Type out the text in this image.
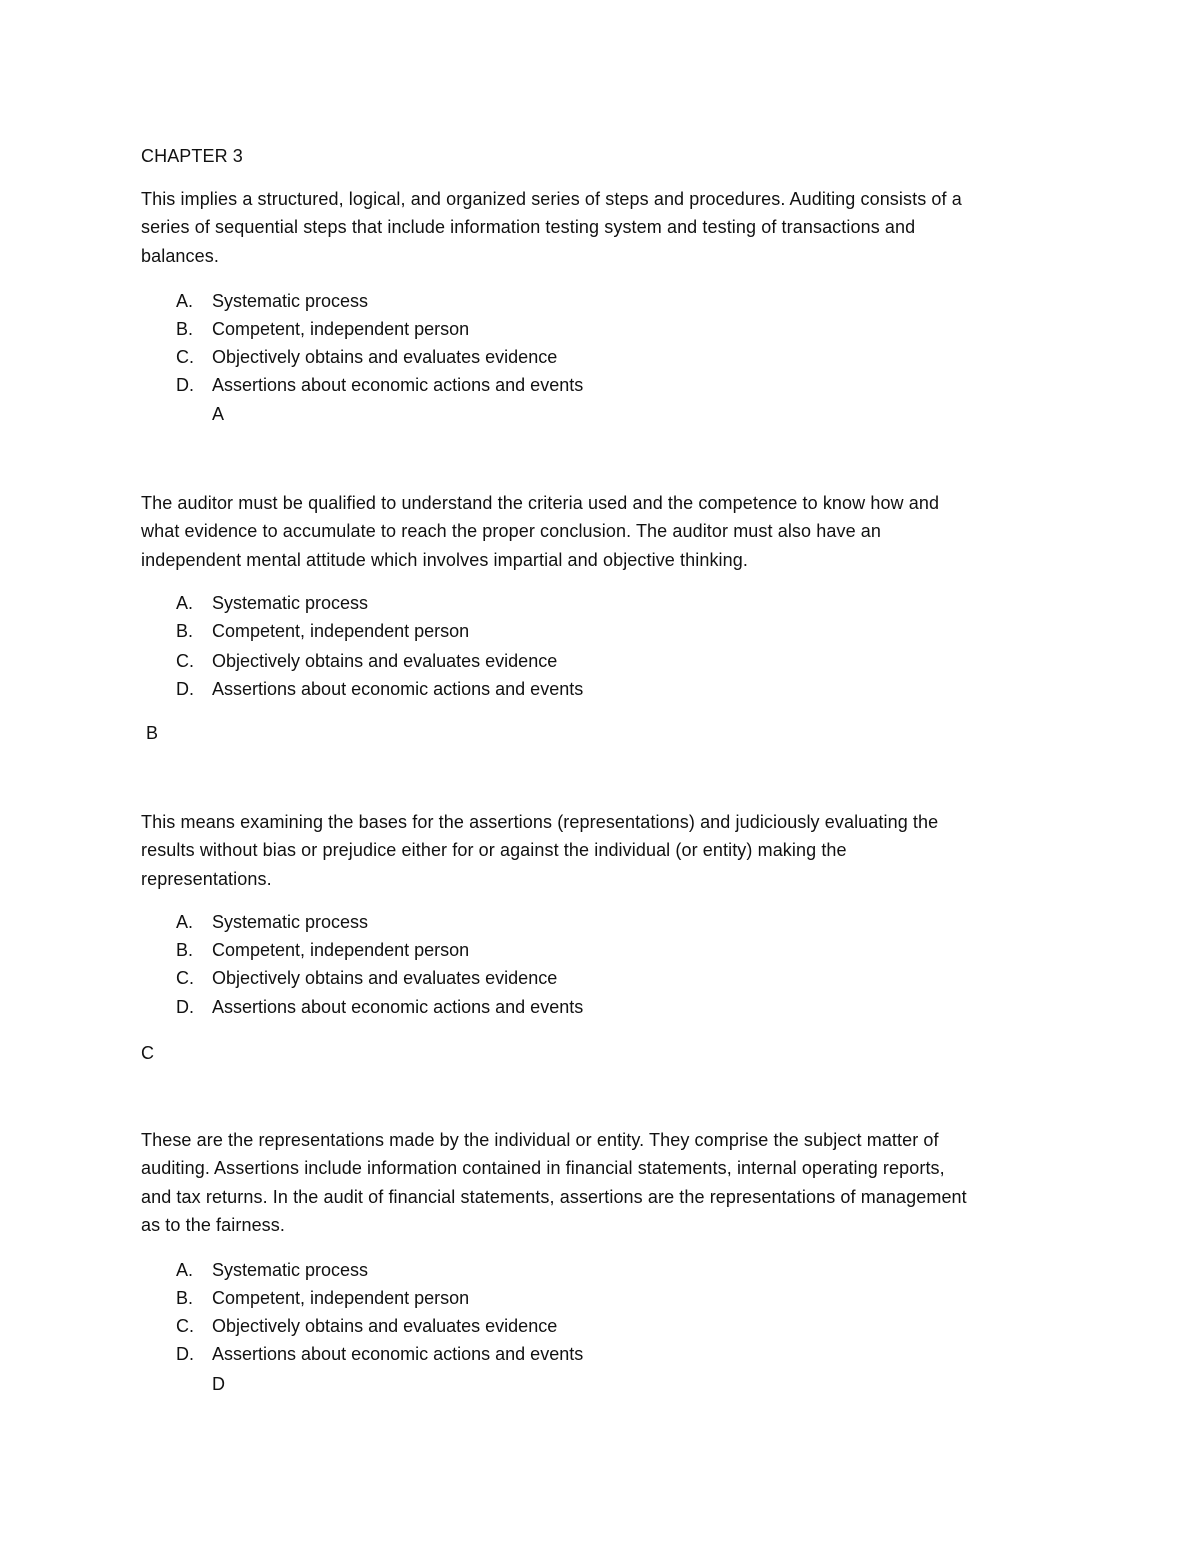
CHAPTER 3
This implies a structured, logical, and organized series of steps and procedures. Auditing consists of a
series of sequential steps that include information testing system and testing of transactions and
balances.
A. Systematic process
B. Competent, independent person
C. Objectively obtains and evaluates evidence
D. Assertions about economic actions and events
A
The auditor must be qualified to understand the criteria used and the competence to know how and
what evidence to accumulate to reach the proper conclusion. The auditor must also have an
independent mental attitude which involves impartial and objective thinking.
A. Systematic process
B. Competent, independent person
C. Objectively obtains and evaluates evidence
D. Assertions about economic actions and events
B
This means examining the bases for the assertions (representations) and judiciously evaluating the
results without bias or prejudice either for or against the individual (or entity) making the
representations.
A. Systematic process
B. Competent, independent person
C. Objectively obtains and evaluates evidence
D. Assertions about economic actions and events
C
These are the representations made by the individual or entity. They comprise the subject matter of
auditing. Assertions include information contained in financial statements, internal operating reports,
and tax returns. In the audit of financial statements, assertions are the representations of management
as to the fairness.
A. Systematic process
B. Competent, independent person
C. Objectively obtains and evaluates evidence
D. Assertions about economic actions and events
D
